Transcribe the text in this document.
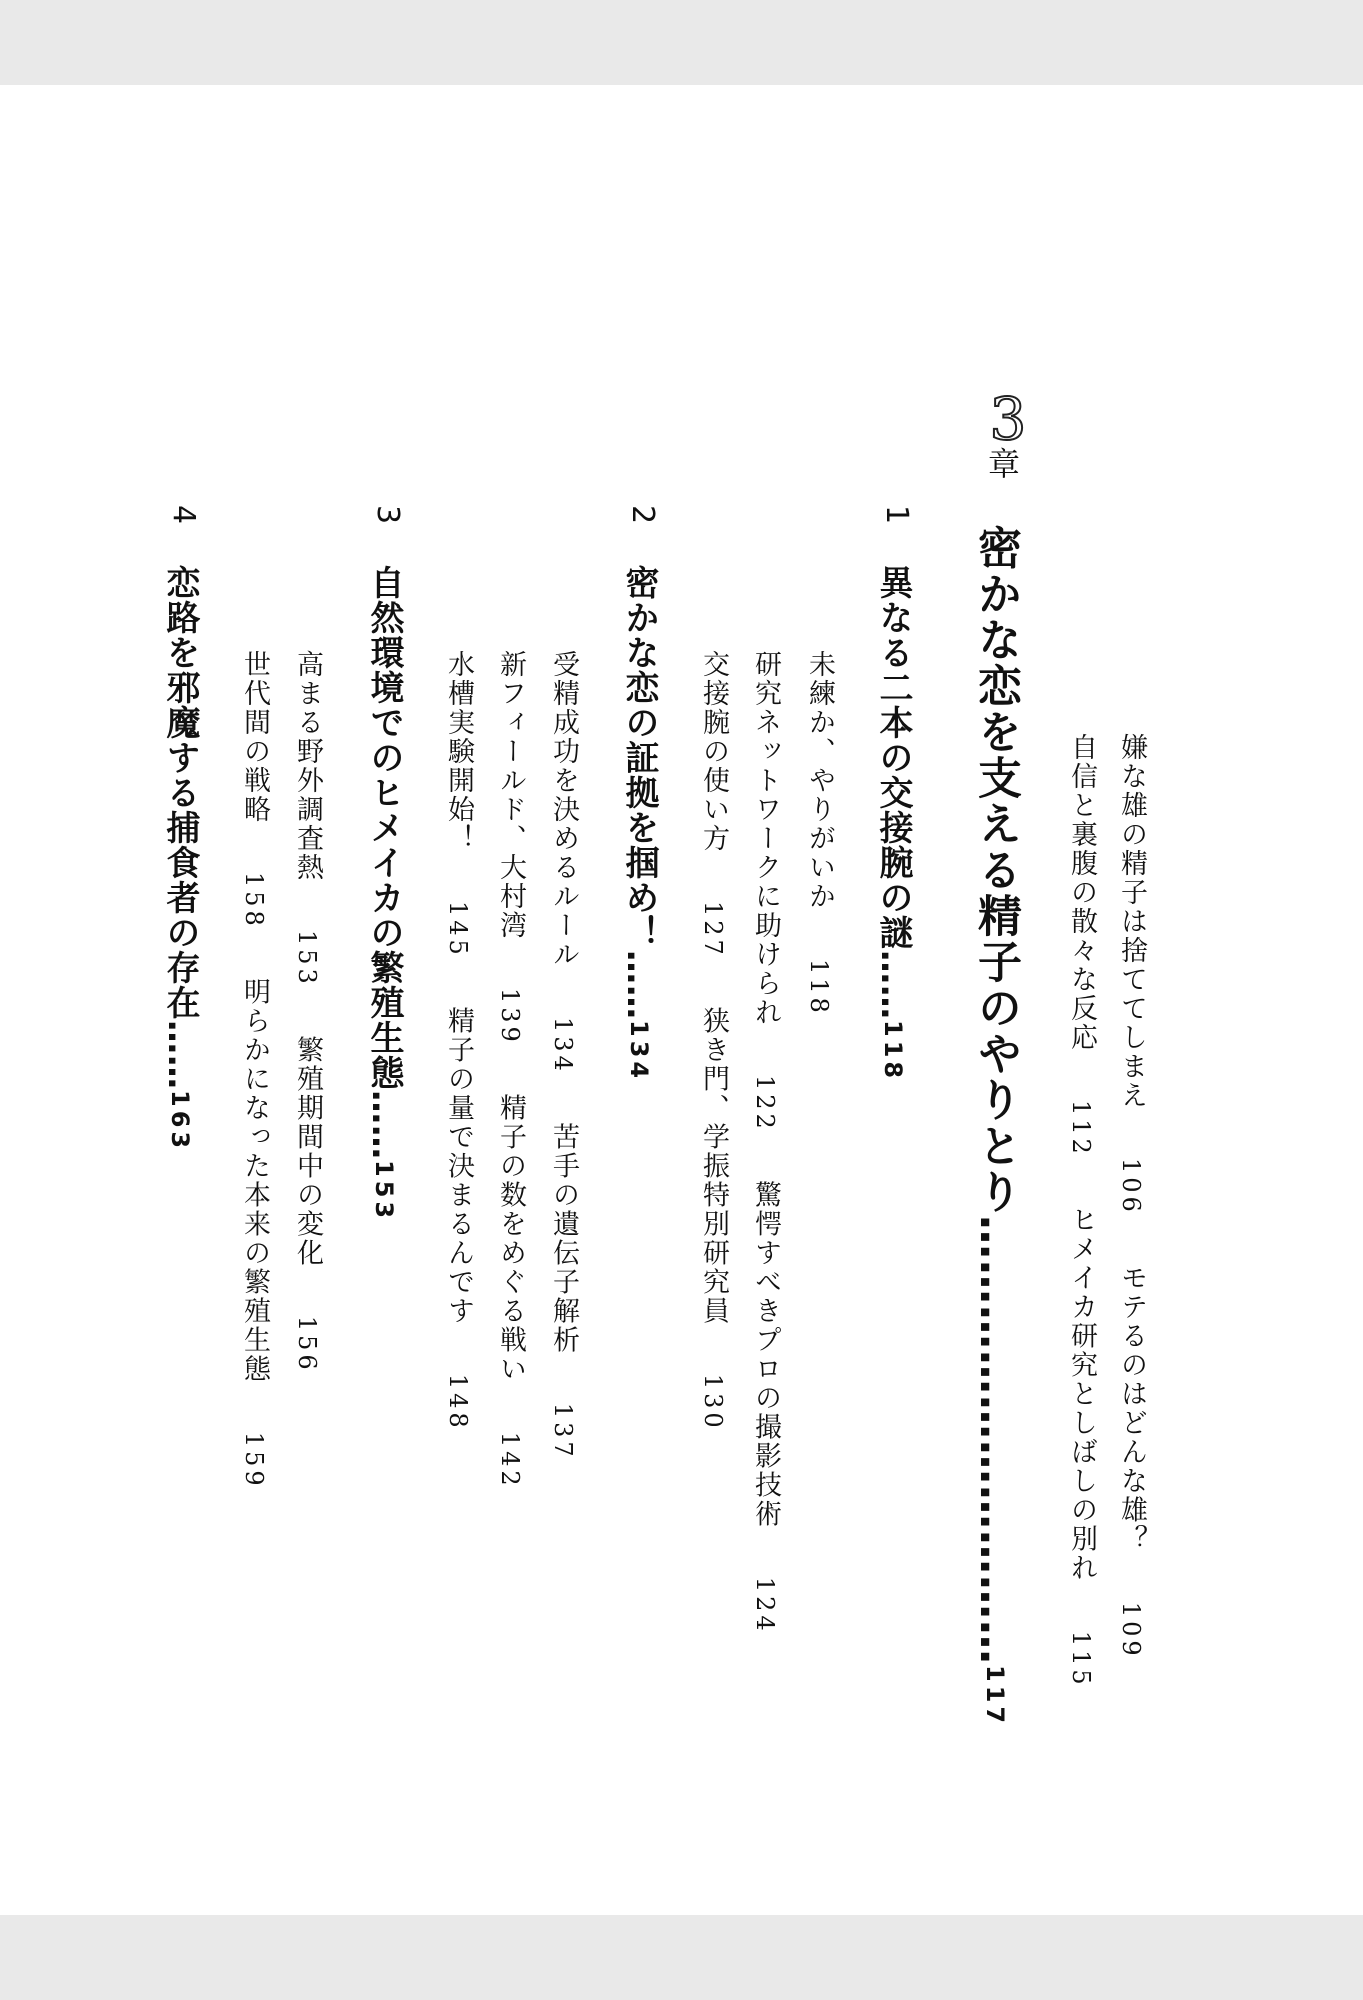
3

章

密かな恋を支える精子のやりとり…………………………117

嫌な雄の精子は捨ててしまえ106モテるのはどんな雄？109

自信と裏腹の散々な反応112ヒメイカ研究としばしの別れ115

1

異なる二本の交接腕の謎……118

未練か、やりがいか118

研究ネットワークに助けられ122驚愕すべきプロの撮影技術124

交接腕の使い方127狭き門、学振特別研究員130

2

密かな恋の証拠を掴め！……134

受精成功を決めるルール134苦手の遺伝子解析137

新フィールド、大村湾139精子の数をめぐる戦い142

水槽実験開始！145精子の量で決まるんです148

3

自然環境でのヒメイカの繁殖生態……153

高まる野外調査熱153繁殖期間中の変化156

世代間の戦略158明らかになった本来の繁殖生態159

4

恋路を邪魔する捕食者の存在……163
